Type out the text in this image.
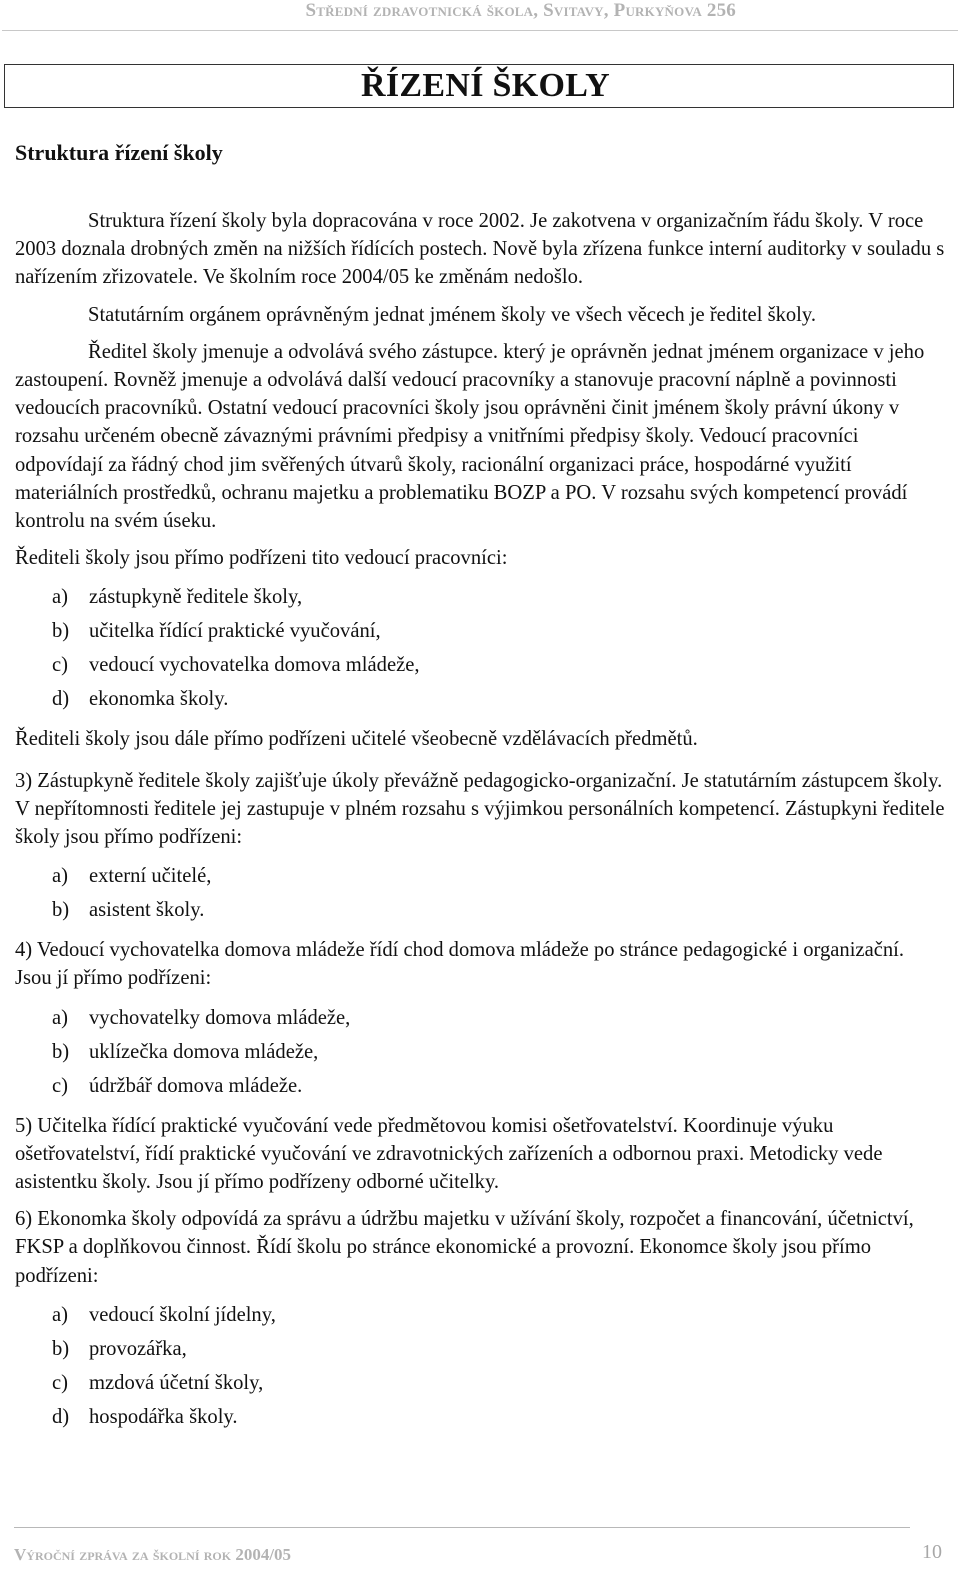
Střední zdravotnická škola, Svitavy, Purkyňova 256
ŘÍZENÍ ŠKOLY
Struktura řízení školy

Struktura řízení školy byla dopracována v roce 2002. Je zakotvena v organizačním řádu školy. V roce 2003 doznala drobných změn na nižších řídících postech. Nově byla zřízena funkce interní auditorky v souladu s nařízením zřizovatele. Ve školním roce 2004/05 ke změnám nedošlo.

Statutárním orgánem oprávněným jednat jménem školy ve všech věcech je ředitel školy.

Ředitel školy jmenuje a odvolává svého zástupce. který je oprávněn jednat jménem organizace v jeho zastoupení. Rovněž jmenuje a odvolává další vedoucí pracovníky a stanovuje pracovní náplně a povinnosti vedoucích pracovníků. Ostatní vedoucí pracovníci školy jsou oprávněni činit jménem školy právní úkony v rozsahu určeném obecně závaznými právními předpisy a vnitřními předpisy školy. Vedoucí pracovníci odpovídají za řádný chod jim svěřených útvarů školy, racionální organizaci práce, hospodárné využití materiálních prostředků, ochranu majetku a problematiku BOZP a PO. V rozsahu svých kompetencí provádí kontrolu na svém úseku.

Řediteli školy jsou přímo podřízeni tito vedoucí pracovníci:

a)	zástupkyně ředitele školy,
b) učitelka řídící praktické vyučování,
c)	vedoucí vychovatelka domova mládeže,
d) ekonomka školy.

Řediteli školy jsou dále přímo podřízeni učitelé všeobecně vzdělávacích předmětů.

3) Zástupkyně ředitele školy zajišťuje úkoly převážně pedagogicko-organizační. Je statutárním zástupcem školy. V nepřítomnosti ředitele jej zastupuje v plném rozsahu s výjimkou personálních kompetencí. Zástupkyni ředitele školy jsou přímo podřízeni:

a)	externí učitelé,
b) asistent školy.

4) Vedoucí vychovatelka domova mládeže řídí chod domova mládeže po stránce pedagogické i organizační. Jsou jí přímo podřízeni:

a)	vychovatelky domova mládeže,
b) uklízečka domova mládeže,
c)	údržbář domova mládeže.

5) Učitelka řídící praktické vyučování vede předmětovou komisi ošetřovatelství. Koordinuje výuku ošetřovatelství, řídí praktické vyučování ve zdravotnických zařízeních a odbornou praxi. Metodicky vede asistentku školy. Jsou jí přímo podřízeny odborné učitelky.

6) Ekonomka školy odpovídá za správu a údržbu majetku v užívání školy, rozpočet a financování, účetnictví, FKSP a doplňkovou činnost. Řídí školu po stránce ekonomické a provozní. Ekonomce školy jsou přímo podřízeni:

a)	vedoucí školní jídelny,
b) provozářka,
c)	mzdová účetní školy,
d) hospodářka školy.
Výroční zpráva za školní rok 2004/05	10
